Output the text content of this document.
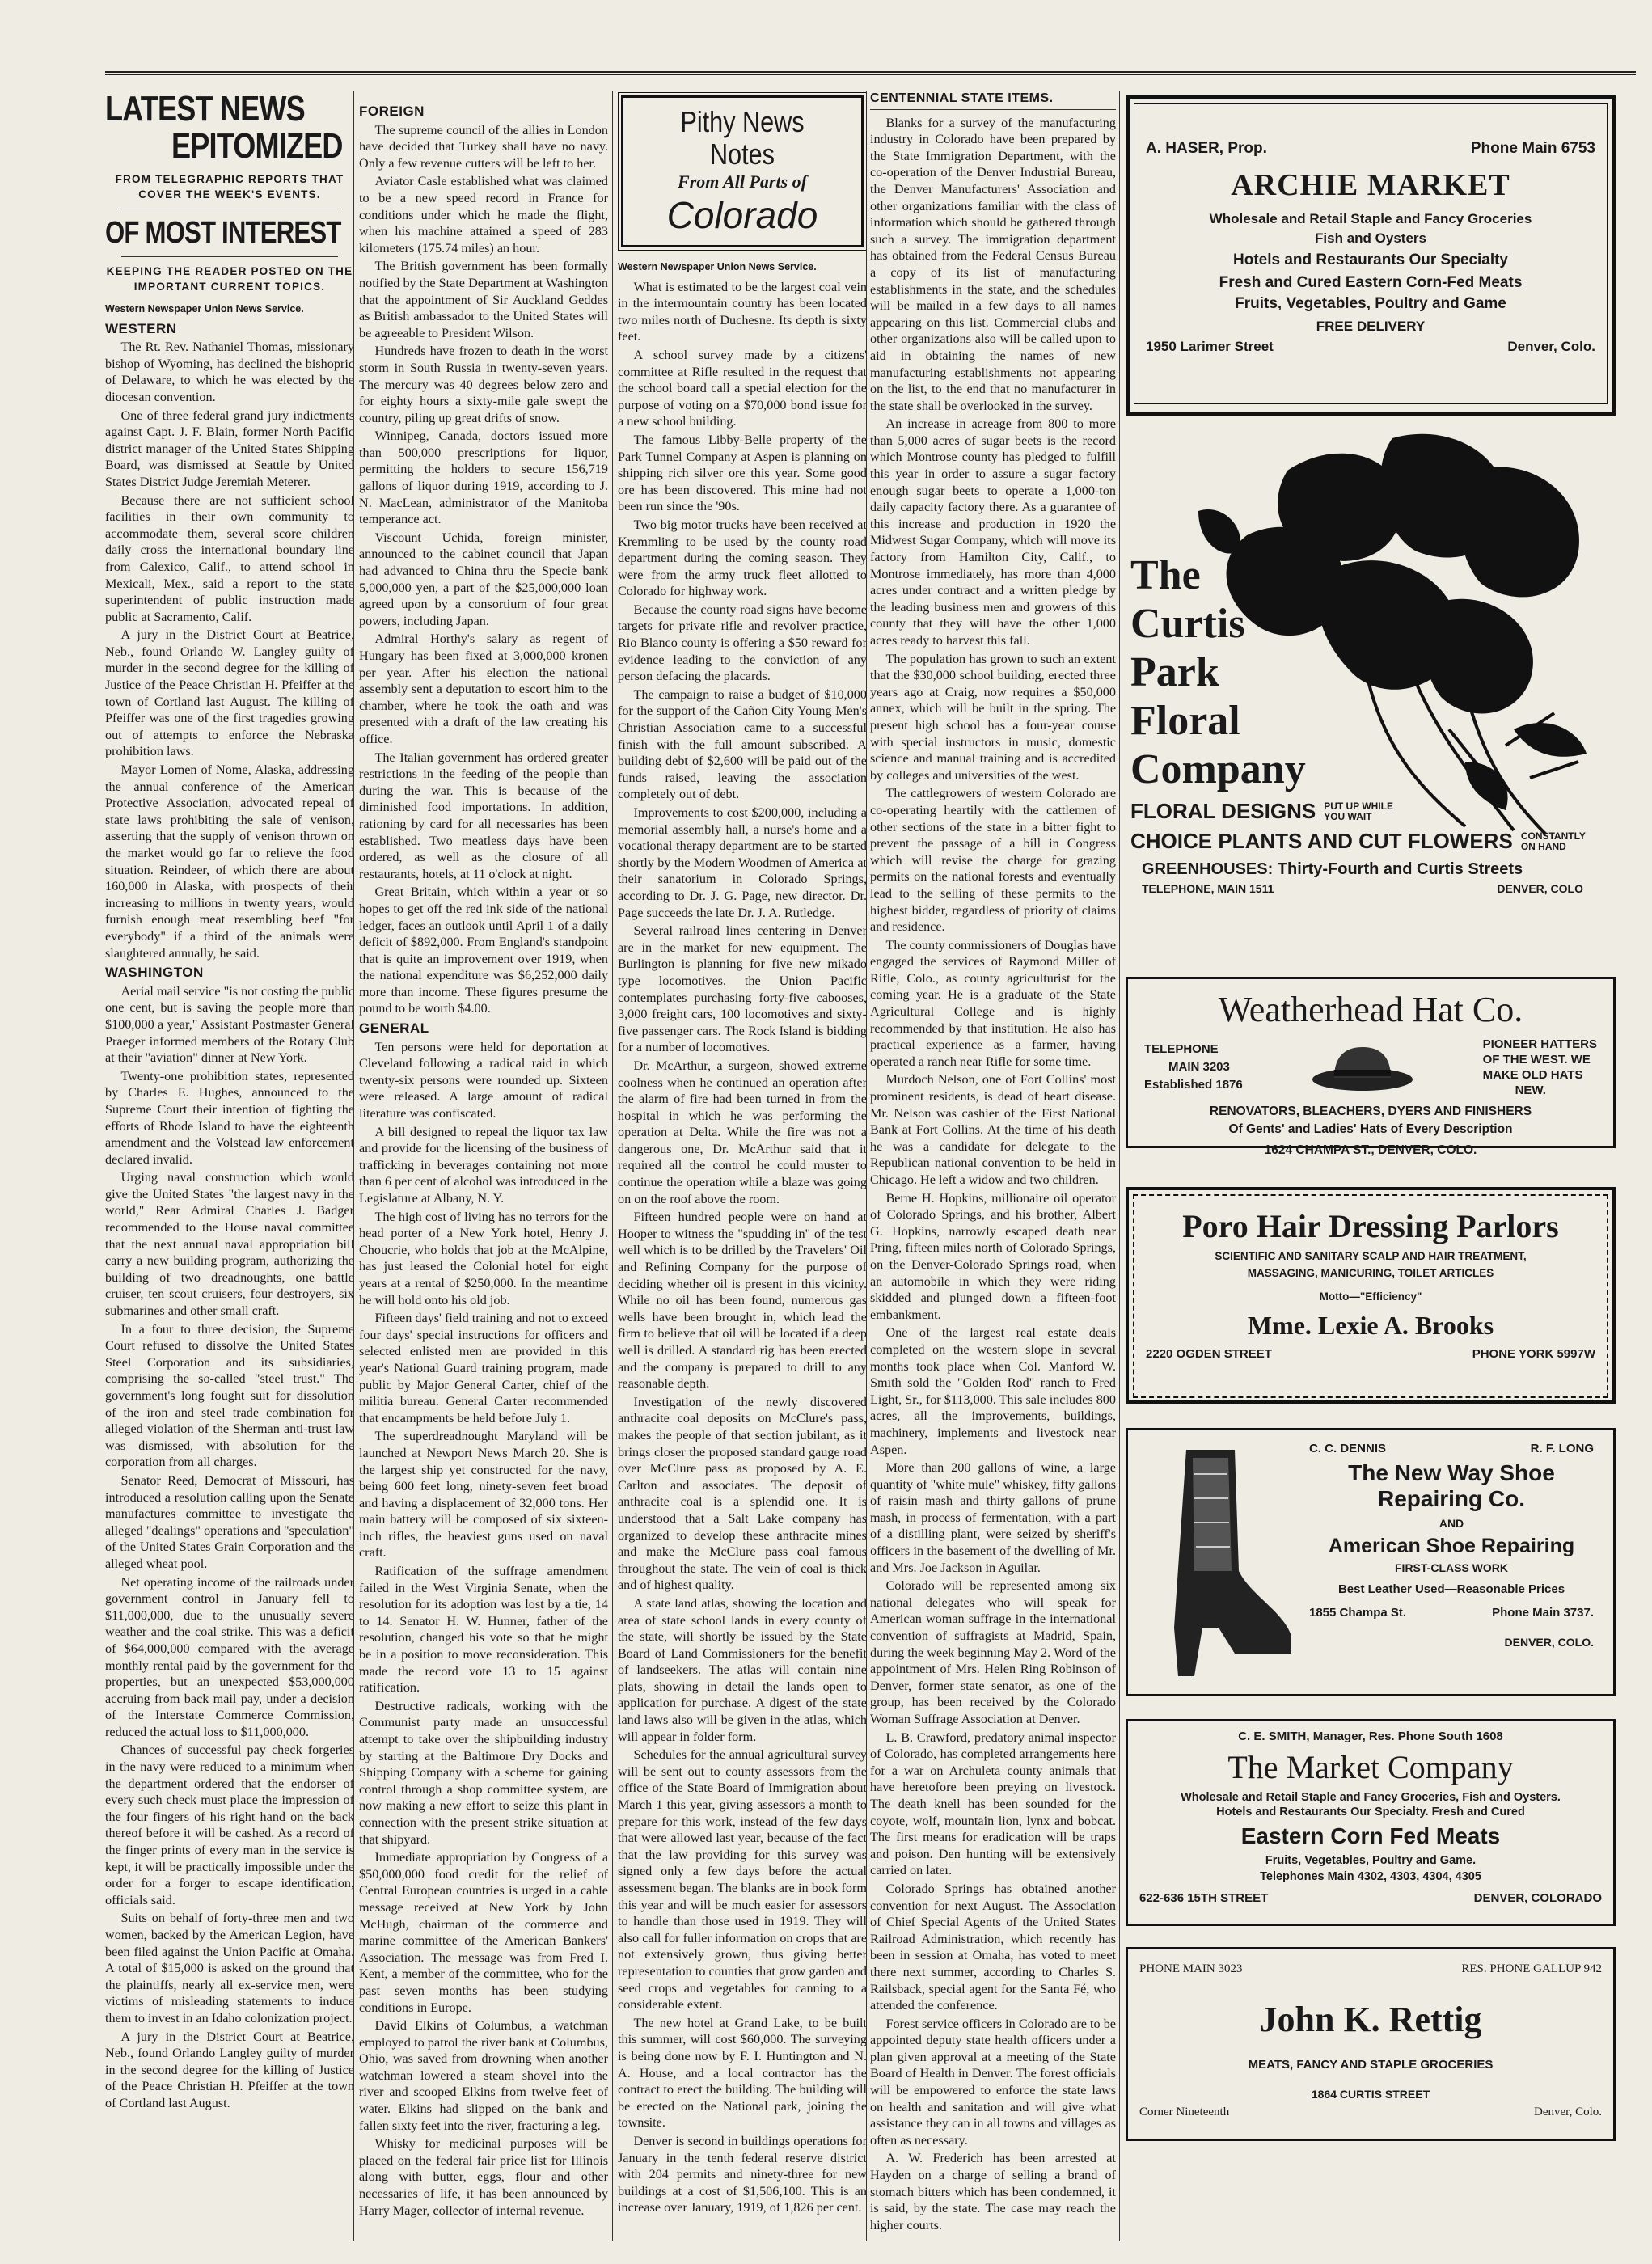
LATEST NEWS
EPITOMIZED
FROM TELEGRAPHIC REPORTS THAT COVER THE WEEK'S EVENTS.
OF MOST INTEREST
KEEPING THE READER POSTED ON THE IMPORTANT CURRENT TOPICS.
Western Newspaper Union News Service.
WESTERN

The Rt. Rev. Nathaniel Thomas, missionary bishop of Wyoming, has declined the bishopric of Delaware, to which he was elected by the diocesan convention.

One of three federal grand jury indictments against Capt. J. F. Blain, former North Pacific district manager of the United States Shipping Board, was dismissed at Seattle by United States District Judge Jeremiah Meterer.

Because there are not sufficient school facilities in their own community to accommodate them, several score children daily cross the international boundary line from Calexico, Calif., to attend school in Mexicali, Mex., said a report to the state superintendent of public instruction made public at Sacramento, Calif.

A jury in the District Court at Beatrice, Neb., found Orlando W. Langley guilty of murder in the second degree for the killing of Justice of the Peace Christian H. Pfeiffer at the town of Cortland last August. The killing of Pfeiffer was one of the first tragedies growing out of attempts to enforce the Nebraska prohibition laws.

Mayor Lomen of Nome, Alaska, addressing the annual conference of the American Protective Association, advocated repeal of state laws prohibiting the sale of venison, asserting that the supply of venison thrown on the market would go far to relieve the food situation. Reindeer, of which there are about 160,000 in Alaska, with prospects of their increasing to millions in twenty years, would furnish enough meat resembling beef "for everybody" if a third of the animals were slaughtered annually, he said.

WASHINGTON

Aerial mail service "is not costing the public one cent, but is saving the people more than $100,000 a year," Assistant Postmaster General Praeger informed members of the Rotary Club at their "aviation" dinner at New York.

Twenty-one prohibition states, represented by Charles E. Hughes, announced to the Supreme Court their intention of fighting the efforts of Rhode Island to have the eighteenth amendment and the Volstead law enforcement declared invalid.

Urging naval construction which would give the United States "the largest navy in the world," Rear Admiral Charles J. Badger recommended to the House naval committee that the next annual naval appropriation bill carry a new building program, authorizing the building of two dreadnoughts, one battle cruiser, ten scout cruisers, four destroyers, six submarines and other small craft.

In a four to three decision, the Supreme Court refused to dissolve the United States Steel Corporation and its subsidiaries, comprising the so-called "steel trust." The government's long fought suit for dissolution of the iron and steel trade combination for alleged violation of the Sherman anti-trust law was dismissed, with absolution for the corporation from all charges.

Senator Reed, Democrat of Missouri, has introduced a resolution calling upon the Senate manufactures committee to investigate the alleged "dealings" operations and "speculation" of the United States Grain Corporation and the alleged wheat pool.

Net operating income of the railroads under government control in January fell to $11,000,000, due to the unusually severe weather and the coal strike. This was a deficit of $64,000,000 compared with the average monthly rental paid by the government for the properties, but an unexpected $53,000,000 accruing from back mail pay, under a decision of the Interstate Commerce Commission, reduced the actual loss to $11,000,000.

Chances of successful pay check forgeries in the navy were reduced to a minimum when the department ordered that the endorser of every such check must place the impression of the four fingers of his right hand on the back thereof before it will be cashed. As a record of the finger prints of every man in the service is kept, it will be practically impossible under the order for a forger to escape identification, officials said.

Suits on behalf of forty-three men and two women, backed by the American Legion, have been filed against the Union Pacific at Omaha. A total of $15,000 is asked on the ground that the plaintiffs, nearly all ex-service men, were victims of misleading statements to induce them to invest in an Idaho colonization project.

A jury in the District Court at Beatrice, Neb., found Orlando Langley guilty of murder in the second degree for the killing of Justice of the Peace Christian H. Pfeiffer at the town of Cortland last August.

FOREIGN

The supreme council of the allies in London have decided that Turkey shall have no navy. Only a few revenue cutters will be left to her.

Aviator Casle established what was claimed to be a new speed record in France for conditions under which he made the flight, when his machine attained a speed of 283 kilometers (175.74 miles) an hour.

The British government has been formally notified by the State Department at Washington that the appointment of Sir Auckland Geddes as British ambassador to the United States will be agreeable to President Wilson.

Hundreds have frozen to death in the worst storm in South Russia in twenty-seven years. The mercury was 40 degrees below zero and for eighty hours a sixty-mile gale swept the country, piling up great drifts of snow.

Winnipeg, Canada, doctors issued more than 500,000 prescriptions for liquor, permitting the holders to secure 156,719 gallons of liquor during 1919, according to J. N. MacLean, administrator of the Manitoba temperance act.

Viscount Uchida, foreign minister, announced to the cabinet council that Japan had advanced to China thru the Specie bank 5,000,000 yen, a part of the $25,000,000 loan agreed upon by a consortium of four great powers, including Japan.

Admiral Horthy's salary as regent of Hungary has been fixed at 3,000,000 kronen per year. After his election the national assembly sent a deputation to escort him to the chamber, where he took the oath and was presented with a draft of the law creating his office.

The Italian government has ordered greater restrictions in the feeding of the people than during the war. This is because of the diminished food importations. In addition, rationing by card for all necessaries has been established. Two meatless days have been ordered, as well as the closure of all restaurants, hotels, at 11 o'clock at night.

Great Britain, which within a year or so hopes to get off the red ink side of the national ledger, faces an outlook until April 1 of a daily deficit of $892,000. From England's standpoint that is quite an improvement over 1919, when the national expenditure was $6,252,000 daily more than income. These figures presume the pound to be worth $4.00.

GENERAL

Ten persons were held for deportation at Cleveland following a radical raid in which twenty-six persons were rounded up. Sixteen were released. A large amount of radical literature was confiscated.

A bill designed to repeal the liquor tax law and provide for the licensing of the business of trafficking in beverages containing not more than 6 per cent of alcohol was introduced in the Legislature at Albany, N. Y.

The high cost of living has no terrors for the head porter of a New York hotel, Henry J. Choucrie, who holds that job at the McAlpine, has just leased the Colonial hotel for eight years at a rental of $250,000. In the meantime he will hold onto his old job.

Fifteen days' field training and not to exceed four days' special instructions for officers and selected enlisted men are provided in this year's National Guard training program, made public by Major General Carter, chief of the militia bureau. General Carter recommended that encampments be held before July 1.

The superdreadnought Maryland will be launched at Newport News March 20. She is the largest ship yet constructed for the navy, being 600 feet long, ninety-seven feet broad and having a displacement of 32,000 tons. Her main battery will be composed of six sixteen-inch rifles, the heaviest guns used on naval craft.

Ratification of the suffrage amendment failed in the West Virginia Senate, when the resolution for its adoption was lost by a tie, 14 to 14. Senator H. W. Hunner, father of the resolution, changed his vote so that he might be in a position to move reconsideration. This made the record vote 13 to 15 against ratification.

Destructive radicals, working with the Communist party made an unsuccessful attempt to take over the shipbuilding industry by starting at the Baltimore Dry Docks and Shipping Company with a scheme for gaining control through a shop committee system, are now making a new effort to seize this plant in connection with the present strike situation at that shipyard.

Immediate appropriation by Congress of a $50,000,000 food credit for the relief of Central European countries is urged in a cable message received at New York by John McHugh, chairman of the commerce and marine committee of the American Bankers' Association. The message was from Fred I. Kent, a member of the committee, who for the past seven months has been studying conditions in Europe.

David Elkins of Columbus, a watchman employed to patrol the river bank at Columbus, Ohio, was saved from drowning when another watchman lowered a steam shovel into the river and scooped Elkins from twelve feet of water. Elkins had slipped on the bank and fallen sixty feet into the river, fracturing a leg.

Whisky for medicinal purposes will be placed on the federal fair price list for Illinois along with butter, eggs, flour and other necessaries of life, it has been announced by Harry Mager, collector of internal revenue.

Pithy News Notes
From All Parts of
Colorado
Western Newspaper Union News Service.

What is estimated to be the largest coal vein in the intermountain country has been located two miles north of Duchesne. Its depth is sixty feet.

A school survey made by a citizens' committee at Rifle resulted in the request that the school board call a special election for the purpose of voting on a $70,000 bond issue for a new school building.

The famous Libby-Belle property of the Park Tunnel Company at Aspen is planning on shipping rich silver ore this year. Some good ore has been discovered. This mine had not been run since the '90s.

Two big motor trucks have been received at Kremmling to be used by the county road department during the coming season. They were from the army truck fleet allotted to Colorado for highway work.

Because the county road signs have become targets for private rifle and revolver practice, Rio Blanco county is offering a $50 reward for evidence leading to the conviction of any person defacing the placards.

The campaign to raise a budget of $10,000 for the support of the Cañon City Young Men's Christian Association came to a successful finish with the full amount subscribed. A building debt of $2,600 will be paid out of the funds raised, leaving the association completely out of debt.

Improvements to cost $200,000, including a memorial assembly hall, a nurse's home and a vocational therapy department are to be started shortly by the Modern Woodmen of America at their sanatorium in Colorado Springs, according to Dr. J. G. Page, new director. Dr. Page succeeds the late Dr. J. A. Rutledge.

Several railroad lines centering in Denver are in the market for new equipment. The Burlington is planning for five new mikado type locomotives. the Union Pacific contemplates purchasing forty-five cabooses, 3,000 freight cars, 100 locomotives and sixty-five passenger cars. The Rock Island is bidding for a number of locomotives.

Dr. McArthur, a surgeon, showed extreme coolness when he continued an operation after the alarm of fire had been turned in from the hospital in which he was performing the operation at Delta. While the fire was not a dangerous one, Dr. McArthur said that it required all the control he could muster to continue the operation while a blaze was going on on the roof above the room.

Fifteen hundred people were on hand at Hooper to witness the "spudding in" of the test well which is to be drilled by the Travelers' Oil and Refining Company for the purpose of deciding whether oil is present in this vicinity. While no oil has been found, numerous gas wells have been brought in, which lead the firm to believe that oil will be located if a deep well is drilled. A standard rig has been erected and the company is prepared to drill to any reasonable depth.

Investigation of the newly discovered anthracite coal deposits on McClure's pass, makes the people of that section jubilant, as it brings closer the proposed standard gauge road over McClure pass as proposed by A. E. Carlton and associates. The deposit of anthracite coal is a splendid one. It is understood that a Salt Lake company has organized to develop these anthracite mines and make the McClure pass coal famous throughout the state. The vein of coal is thick and of highest quality.

A state land atlas, showing the location and area of state school lands in every county of the state, will shortly be issued by the State Board of Land Commissioners for the benefit of landseekers. The atlas will contain nine plats, showing in detail the lands open to application for purchase. A digest of the state land laws also will be given in the atlas, which will appear in folder form.

Schedules for the annual agricultural survey will be sent out to county assessors from the office of the State Board of Immigration about March 1 this year, giving assessors a month to prepare for this work, instead of the few days that were allowed last year, because of the fact that the law providing for this survey was signed only a few days before the actual assessment began. The blanks are in book form this year and will be much easier for assessors to handle than those used in 1919. They will also call for fuller information on crops that are not extensively grown, thus giving better representation to counties that grow garden and seed crops and vegetables for canning to a considerable extent.

The new hotel at Grand Lake, to be built this summer, will cost $60,000. The surveying is being done now by F. I. Huntington and N. A. House, and a local contractor has the contract to erect the building. The building will be erected on the National park, joining the townsite.

Denver is second in buildings operations for January in the tenth federal reserve district with 204 permits and ninety-three for new buildings at a cost of $1,506,100. This is an increase over January, 1919, of 1,826 per cent.

CENTENNIAL STATE ITEMS.

Blanks for a survey of the manufacturing industry in Colorado have been prepared by the State Immigration Department, with the co-operation of the Denver Industrial Bureau, the Denver Manufacturers' Association and other organizations familiar with the class of information which should be gathered through such a survey. The immigration department has obtained from the Federal Census Bureau a copy of its list of manufacturing establishments in the state, and the schedules will be mailed in a few days to all names appearing on this list. Commercial clubs and other organizations also will be called upon to aid in obtaining the names of new manufacturing establishments not appearing on the list, to the end that no manufacturer in the state shall be overlooked in the survey.

An increase in acreage from 800 to more than 5,000 acres of sugar beets is the record which Montrose county has pledged to fulfill this year in order to assure a sugar factory enough sugar beets to operate a 1,000-ton daily capacity factory there. As a guarantee of this increase and production in 1920 the Midwest Sugar Company, which will move its factory from Hamilton City, Calif., to Montrose immediately, has more than 4,000 acres under contract and a written pledge by the leading business men and growers of this county that they will have the other 1,000 acres ready to harvest this fall.

The population has grown to such an extent that the $30,000 school building, erected three years ago at Craig, now requires a $50,000 annex, which will be built in the spring. The present high school has a four-year course with special instructors in music, domestic science and manual training and is accredited by colleges and universities of the west.

The cattlegrowers of western Colorado are co-operating heartily with the cattlemen of other sections of the state in a bitter fight to prevent the passage of a bill in Congress which will revise the charge for grazing permits on the national forests and eventually lead to the selling of these permits to the highest bidder, regardless of priority of claims and residence.

The county commissioners of Douglas have engaged the services of Raymond Miller of Rifle, Colo., as county agriculturist for the coming year. He is a graduate of the State Agricultural College and is highly recommended by that institution. He also has practical experience as a farmer, having operated a ranch near Rifle for some time.

Murdoch Nelson, one of Fort Collins' most prominent residents, is dead of heart disease. Mr. Nelson was cashier of the First National Bank at Fort Collins. At the time of his death he was a candidate for delegate to the Republican national convention to be held in Chicago. He left a widow and two children.

Berne H. Hopkins, millionaire oil operator of Colorado Springs, and his brother, Albert G. Hopkins, narrowly escaped death near Pring, fifteen miles north of Colorado Springs, on the Denver-Colorado Springs road, when an automobile in which they were riding skidded and plunged down a fifteen-foot embankment.

One of the largest real estate deals completed on the western slope in several months took place when Col. Manford W. Smith sold the "Golden Rod" ranch to Fred Light, Sr., for $113,000. This sale includes 800 acres, all the improvements, buildings, machinery, implements and livestock near Aspen.

More than 200 gallons of wine, a large quantity of "white mule" whiskey, fifty gallons of raisin mash and thirty gallons of prune mash, in process of fermentation, with a part of a distilling plant, were seized by sheriff's officers in the basement of the dwelling of Mr. and Mrs. Joe Jackson in Aguilar.

Colorado will be represented among six national delegates who will speak for American woman suffrage in the international convention of suffragists at Madrid, Spain, during the week beginning May 2. Word of the appointment of Mrs. Helen Ring Robinson of Denver, former state senator, as one of the group, has been received by the Colorado Woman Suffrage Association at Denver.

L. B. Crawford, predatory animal inspector of Colorado, has completed arrangements here for a war on Archuleta county animals that have heretofore been preying on livestock. The death knell has been sounded for the coyote, wolf, mountain lion, lynx and bobcat. The first means for eradication will be traps and poison. Den hunting will be extensively carried on later.

Colorado Springs has obtained another convention for next August. The Association of Chief Special Agents of the United States Railroad Administration, which recently has been in session at Omaha, has voted to meet there next summer, according to Charles S. Railsback, special agent for the Santa Fé, who attended the conference.

Forest service officers in Colorado are to be appointed deputy state health officers under a plan given approval at a meeting of the State Board of Health in Denver. The forest officials will be empowered to enforce the state laws on health and sanitation and will give what assistance they can in all towns and villages as often as necessary.

A. W. Frederich has been arrested at Hayden on a charge of selling a brand of stomach bitters which has been condemned, it is said, by the state. The case may reach the higher courts.

A. HASER, Prop.	Phone Main 6753
ARCHIE MARKET
Wholesale and Retail Staple and Fancy Groceries
Fish and Oysters
Hotels and Restaurants Our Specialty
Fresh and Cured Eastern Corn-Fed Meats
Fruits, Vegetables, Poultry and Game
FREE DELIVERY
1950 Larimer Street	Denver, Colo.
The
Curtis
Park
Floral
Company
FLORAL DESIGNS PUT UP WHILE YOU WAIT
CHOICE PLANTS AND CUT FLOWERS CONSTANTLY ON HAND
GREENHOUSES: Thirty-Fourth and Curtis Streets
TELEPHONE, MAIN 1511	DENVER, COLO
Weatherhead Hat Co.
TELEPHONE
MAIN 3203
Established 1876
PIONEER HATTERS
OF THE WEST. WE
MAKE OLD HATS
NEW.
RENOVATORS, BLEACHERS, DYERS AND FINISHERS
Of Gents' and Ladies' Hats of Every Description
1624 CHAMPA ST., DENVER, COLO.
Poro Hair Dressing Parlors
SCIENTIFIC AND SANITARY SCALP AND HAIR TREATMENT,
MASSAGING, MANICURING, TOILET ARTICLES
Motto—"Efficiency"
Mme. Lexie A. Brooks
2220 OGDEN STREET	PHONE YORK 5997W
C. C. DENNIS	R. F. LONG
The New Way Shoe
Repairing Co.
AND
American Shoe Repairing
FIRST-CLASS WORK
Best Leather Used—Reasonable Prices
1855 Champa St.	Phone Main 3737.
DENVER, COLO.
C. E. SMITH, Manager, Res. Phone South 1608
The Market Company
Wholesale and Retail Staple and Fancy Groceries, Fish and Oysters.
Hotels and Restaurants Our Specialty. Fresh and Cured
Eastern Corn Fed Meats
Fruits, Vegetables, Poultry and Game.
Telephones Main 4302, 4303, 4304, 4305
622-636 15TH STREET	DENVER, COLORADO
PHONE MAIN 3023	RES. PHONE GALLUP 942
John K. Rettig
MEATS, FANCY AND STAPLE GROCERIES
1864 CURTIS STREET
Corner Nineteenth	Denver, Colo.
